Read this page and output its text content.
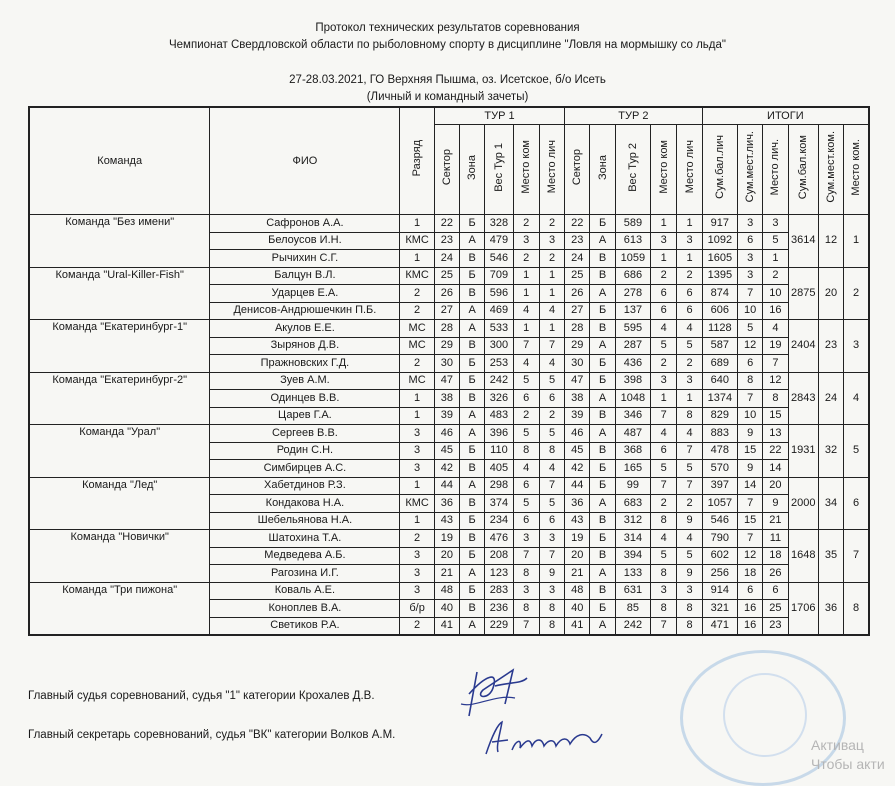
Протокол технических результатов соревнования
Чемпионат Свердловской области по рыболовному спорту в дисциплине "Ловля на мормышку со льда"
27-28.03.2021, ГО Верхняя Пышма, оз. Исетское, б/о Исеть
(Личный и командный зачеты)
Команда	ФИО	Разряд	ТУР 1					ТУР 2					ИТОГИ					
			Сектор	Зона	Вес Тур 1	Место ком	Место лич	Сектор	Зона	Вес Тур 2	Место ком	Место лич	Сум.бал.лич	Сум.мест.лич.	Место лич.	Сум.бал.ком	Сум.мест.ком.	Место ком.
Команда "Без имени"	Сафронов А.А.	1	22	Б	328	2	2	22	Б	589	1	1	917	3	3	3614	12	1
	Белоусов И.Н.	КМС	23	А	479	3	3	23	А	613	3	3	1092	6	5			
	Рычихин С.Г.	1	24	В	546	2	2	24	В	1059	1	1	1605	3	1			
Команда "Ural-Killer-Fish"	Балцун В.Л.	КМС	25	Б	709	1	1	25	В	686	2	2	1395	3	2	2875	20	2
	Ударцев Е.А.	2	26	В	596	1	1	26	А	278	6	6	874	7	10			
	Денисов-Андрюшечкин П.Б.	2	27	А	469	4	4	27	Б	137	6	6	606	10	16			
Команда "Екатеринбург-1"	Акулов Е.Е.	МС	28	А	533	1	1	28	В	595	4	4	1128	5	4	2404	23	3
	Зырянов Д.В.	МС	29	В	300	7	7	29	А	287	5	5	587	12	19			
	Пражновских Г.Д.	2	30	Б	253	4	4	30	Б	436	2	2	689	6	7			
Команда "Екатеринбург-2"	Зуев А.М.	МС	47	Б	242	5	5	47	Б	398	3	3	640	8	12	2843	24	4
	Одинцев В.В.	1	38	В	326	6	6	38	А	1048	1	1	1374	7	8			
	Царев Г.А.	1	39	А	483	2	2	39	В	346	7	8	829	10	15			
Команда "Урал"	Сергеев В.В.	3	46	А	396	5	5	46	А	487	4	4	883	9	13	1931	32	5
	Родин С.Н.	3	45	Б	110	8	8	45	В	368	6	7	478	15	22			
	Симбирцев А.С.	3	42	В	405	4	4	42	Б	165	5	5	570	9	14			
Команда "Лед"	Хабетдинов Р.З.	1	44	А	298	6	7	44	Б	99	7	7	397	14	20	2000	34	6
	Кондакова Н.А.	КМС	36	В	374	5	5	36	А	683	2	2	1057	7	9			
	Шебельянова Н.А.	1	43	Б	234	6	6	43	В	312	8	9	546	15	21			
Команда "Новички"	Шатохина Т.А.	2	19	В	476	3	3	19	Б	314	4	4	790	7	11	1648	35	7
	Медведева А.Б.	3	20	Б	208	7	7	20	В	394	5	5	602	12	18			
	Рагозина И.Г.	3	21	А	123	8	9	21	А	133	8	9	256	18	26			
Команда "Три пижона"	Коваль А.Е.	3	48	Б	283	3	3	48	В	631	3	3	914	6	6	1706	36	8
	Коноплев В.А.	б/р	40	В	236	8	8	40	Б	85	8	8	321	16	25			
	Светиков Р.А.	2	41	А	229	7	8	41	А	242	7	8	471	16	23			
Главный судья соревнований, судья "1" категории Крохалев Д.В.
Главный секретарь соревнований, судья "ВК" категории Волков А.М.
Активац
Чтобы акти
